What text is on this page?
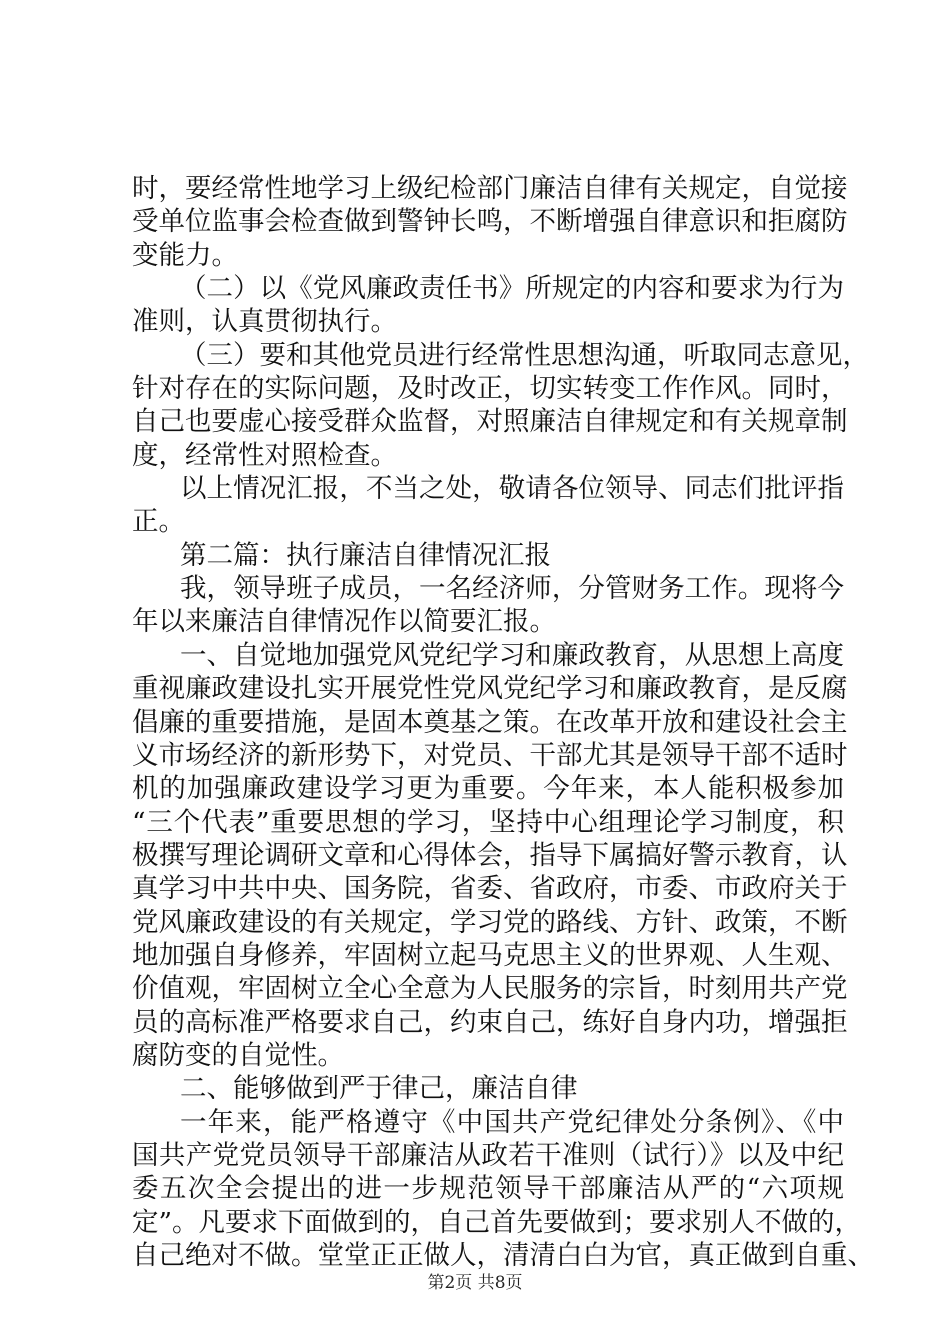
时，要经常性地学习上级纪检部门廉洁自律有关规定，自觉接
受单位监事会检查做到警钟长鸣，不断增强自律意识和拒腐防
变能力。
（二）以《党风廉政责任书》所规定的内容和要求为行为
准则，认真贯彻执行。
（三）要和其他党员进行经常性思想沟通，听取同志意见，
针对存在的实际问题，及时改正，切实转变工作作风。同时，
自己也要虚心接受群众监督，对照廉洁自律规定和有关规章制
度，经常性对照检查。
以上情况汇报，不当之处，敬请各位领导、同志们批评指
正。
第二篇：执行廉洁自律情况汇报
我，领导班子成员，一名经济师，分管财务工作。现将今
年以来廉洁自律情况作以简要汇报。
一、自觉地加强党风党纪学习和廉政教育，从思想上高度
重视廉政建设扎实开展党性党风党纪学习和廉政教育，是反腐
倡廉的重要措施，是固本奠基之策。在改革开放和建设社会主
义市场经济的新形势下，对党员、干部尤其是领导干部不适时
机的加强廉政建设学习更为重要。今年来，本人能积极参加
“三个代表”重要思想的学习，坚持中心组理论学习制度，积
极撰写理论调研文章和心得体会，指导下属搞好警示教育，认
真学习中共中央、国务院，省委、省政府，市委、市政府关于
党风廉政建设的有关规定，学习党的路线、方针、政策，不断
地加强自身修养，牢固树立起马克思主义的世界观、人生观、
价值观，牢固树立全心全意为人民服务的宗旨，时刻用共产党
员的高标准严格要求自己，约束自己，练好自身内功，增强拒
腐防变的自觉性。
二、能够做到严于律己，廉洁自律
一年来，能严格遵守《中国共产党纪律处分条例》、《中
国共产党党员领导干部廉洁从政若干准则（试行）》以及中纪
委五次全会提出的进一步规范领导干部廉洁从严的“六项规
定”。凡要求下面做到的，自己首先要做到；要求别人不做的，
自己绝对不做。堂堂正正做人，清清白白为官，真正做到自重、
第2页 共8页
